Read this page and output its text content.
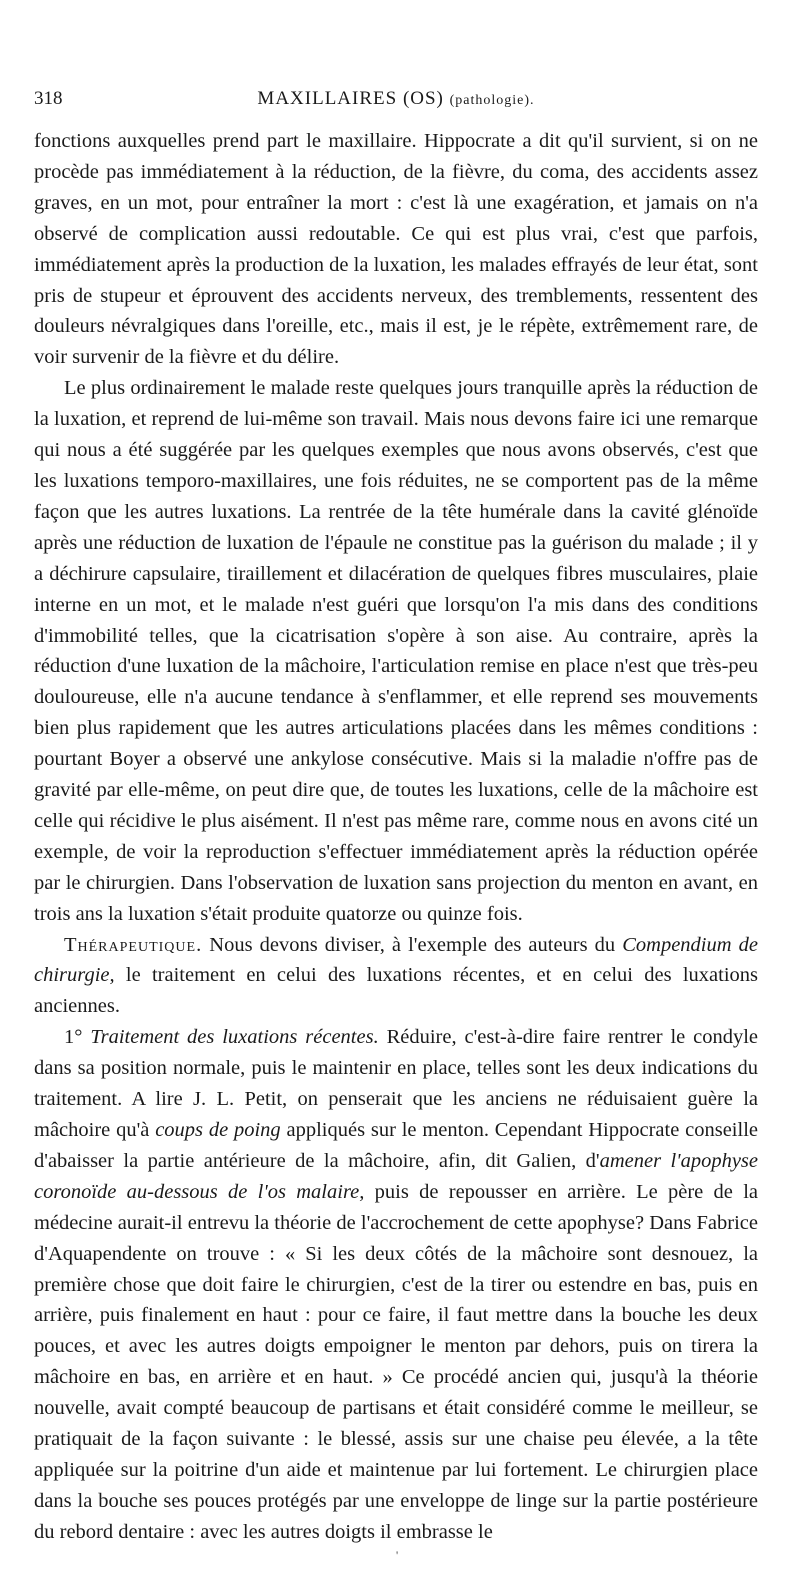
318	MAXILLAIRES (OS) (pathologie).

fonctions auxquelles prend part le maxillaire. Hippocrate a dit qu'il survient, si on ne procède pas immédiatement à la réduction, de la fièvre, du coma, des accidents assez graves, en un mot, pour entraîner la mort : c'est là une exagération, et jamais on n'a observé de complication aussi redoutable. Ce qui est plus vrai, c'est que parfois, immédiatement après la production de la luxation, les malades effrayés de leur état, sont pris de stupeur et éprouvent des accidents nerveux, des tremblements, ressentent des douleurs névralgiques dans l'oreille, etc., mais il est, je le répète, extrêmement rare, de voir survenir de la fièvre et du délire.

Le plus ordinairement le malade reste quelques jours tranquille après la réduction de la luxation, et reprend de lui-même son travail. Mais nous devons faire ici une remarque qui nous a été suggérée par les quelques exemples que nous avons observés, c'est que les luxations temporo-maxillaires, une fois réduites, ne se comportent pas de la même façon que les autres luxations. La rentrée de la tête humérale dans la cavité glénoïde après une réduction de luxation de l'épaule ne constitue pas la guérison du malade ; il y a déchirure capsulaire, tiraillement et dilacération de quelques fibres musculaires, plaie interne en un mot, et le malade n'est guéri que lorsqu'on l'a mis dans des conditions d'immobilité telles, que la cicatrisation s'opère à son aise. Au contraire, après la réduction d'une luxation de la mâchoire, l'articulation remise en place n'est que très-peu douloureuse, elle n'a aucune tendance à s'enflammer, et elle reprend ses mouvements bien plus rapidement que les autres articulations placées dans les mêmes conditions : pourtant Boyer a observé une ankylose consécutive. Mais si la maladie n'offre pas de gravité par elle-même, on peut dire que, de toutes les luxations, celle de la mâchoire est celle qui récidive le plus aisément. Il n'est pas même rare, comme nous en avons cité un exemple, de voir la reproduction s'effectuer immédiatement après la réduction opérée par le chirurgien. Dans l'observation de luxation sans projection du menton en avant, en trois ans la luxation s'était produite quatorze ou quinze fois.

Thérapeutique. Nous devons diviser, à l'exemple des auteurs du Compendium de chirurgie, le traitement en celui des luxations récentes, et en celui des luxations anciennes.

1° Traitement des luxations récentes. Réduire, c'est-à-dire faire rentrer le condyle dans sa position normale, puis le maintenir en place, telles sont les deux indications du traitement. A lire J. L. Petit, on penserait que les anciens ne réduisaient guère la mâchoire qu'à coups de poing appliqués sur le menton. Cependant Hippocrate conseille d'abaisser la partie antérieure de la mâchoire, afin, dit Galien, d'amener l'apophyse coronoïde au-dessous de l'os malaire, puis de repousser en arrière. Le père de la médecine aurait-il entrevu la théorie de l'accrochement de cette apophyse? Dans Fabrice d'Aquapendente on trouve : « Si les deux côtés de la mâchoire sont desnouez, la première chose que doit faire le chirurgien, c'est de la tirer ou estendre en bas, puis en arrière, puis finalement en haut : pour ce faire, il faut mettre dans la bouche les deux pouces, et avec les autres doigts empoigner le menton par dehors, puis on tirera la mâchoire en bas, en arrière et en haut. » Ce procédé ancien qui, jusqu'à la théorie nouvelle, avait compté beaucoup de partisans et était considéré comme le meilleur, se pratiquait de la façon suivante : le blessé, assis sur une chaise peu élevée, a la tête appliquée sur la poitrine d'un aide et maintenue par lui fortement. Le chirurgien place dans la bouche ses pouces protégés par une enveloppe de linge sur la partie postérieure du rebord dentaire : avec les autres doigts il embrasse le

'
